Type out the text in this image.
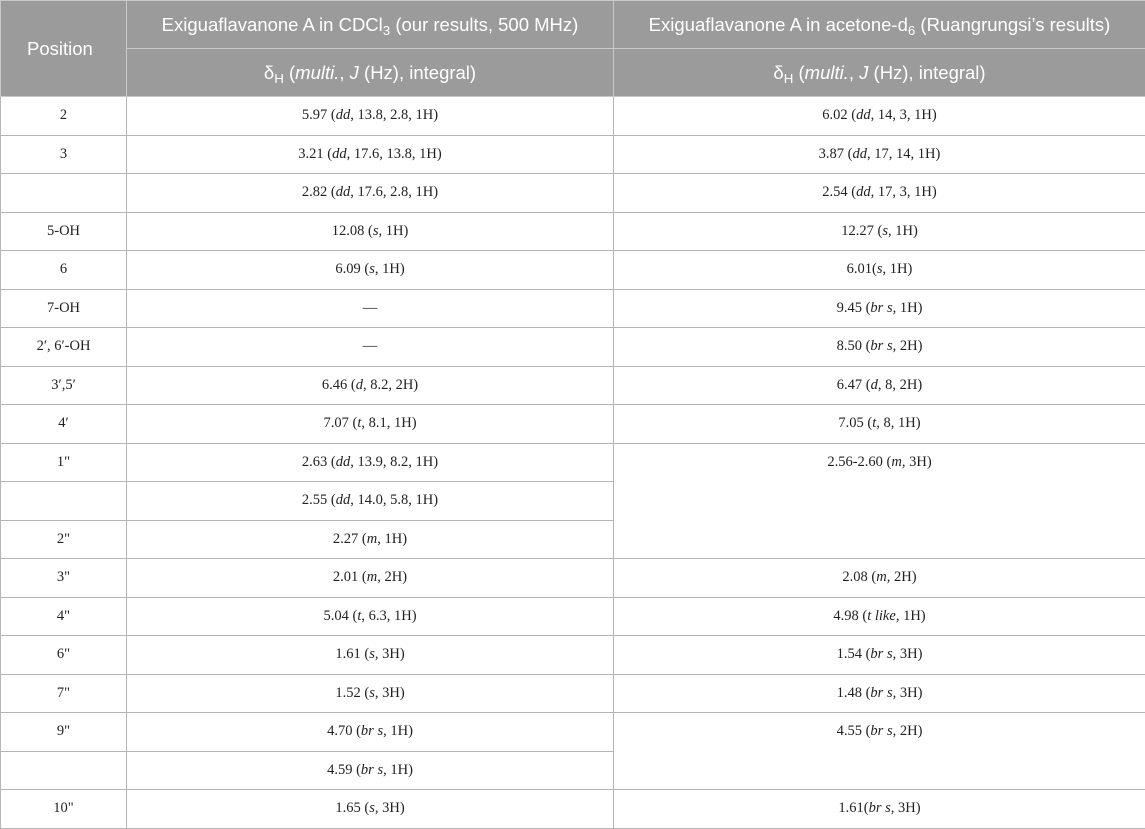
Position	Exiguaflavanone A in CDCl$_3$ (our results, 500 MHz)	Exiguaflavanone A in acetone-$d_6$ (Ruangrungsi’s results)
	$\delta_H$ (multi., J (Hz), integral)	$\delta_H$ (multi., J (Hz), integral)
2	5.97 (dd, 13.8, 2.8, 1H)	6.02 (dd, 14, 3, 1H)
3	3.21 (dd, 17.6, 13.8, 1H)	3.87 (dd, 17, 14, 1H)
	2.82 (dd, 17.6, 2.8, 1H)	2.54 (dd, 17, 3, 1H)
5-OH	12.08 (s, 1H)	12.27 (s, 1H)
6	6.09 (s, 1H)	6.01(s, 1H)
7-OH	—	9.45 (br s, 1H)
2′, 6′-OH	—	8.50 (br s, 2H)
3′,5′	6.46 (d, 8.2, 2H)	6.47 (d, 8, 2H)
4′	7.07 (t, 8.1, 1H)	7.05 (t, 8, 1H)
1"	2.63 (dd, 13.9, 8.2, 1H)	2.56-2.60 (m, 3H)
	2.55 (dd, 14.0, 5.8, 1H)	
2"	2.27 (m, 1H)	
3"	2.01 (m, 2H)	2.08 (m, 2H)
4"	5.04 (t, 6.3, 1H)	4.98 (t like, 1H)
6"	1.61 (s, 3H)	1.54 (br s, 3H)
7"	1.52 (s, 3H)	1.48 (br s, 3H)
9"	4.70 (br s, 1H)	4.55 (br s, 2H)
	4.59 (br s, 1H)	
10"	1.65 (s, 3H)	1.61(br s, 3H)
